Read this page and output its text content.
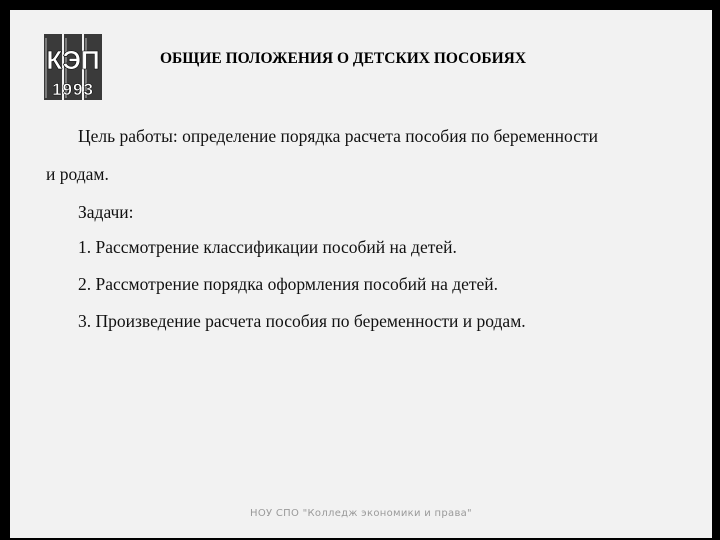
КЭП
1993
ОБЩИЕ ПОЛОЖЕНИЯ О ДЕТСКИХ ПОСОБИЯХ
Цель работы: определение порядка расчета пособия по беременности
и родам.
Задачи:
1. Рассмотрение классификации пособий на детей.
2. Рассмотрение порядка оформления пособий на детей.
3. Произведение расчета пособия по беременности и родам.
НОУ СПО "Колледж экономики и права"
